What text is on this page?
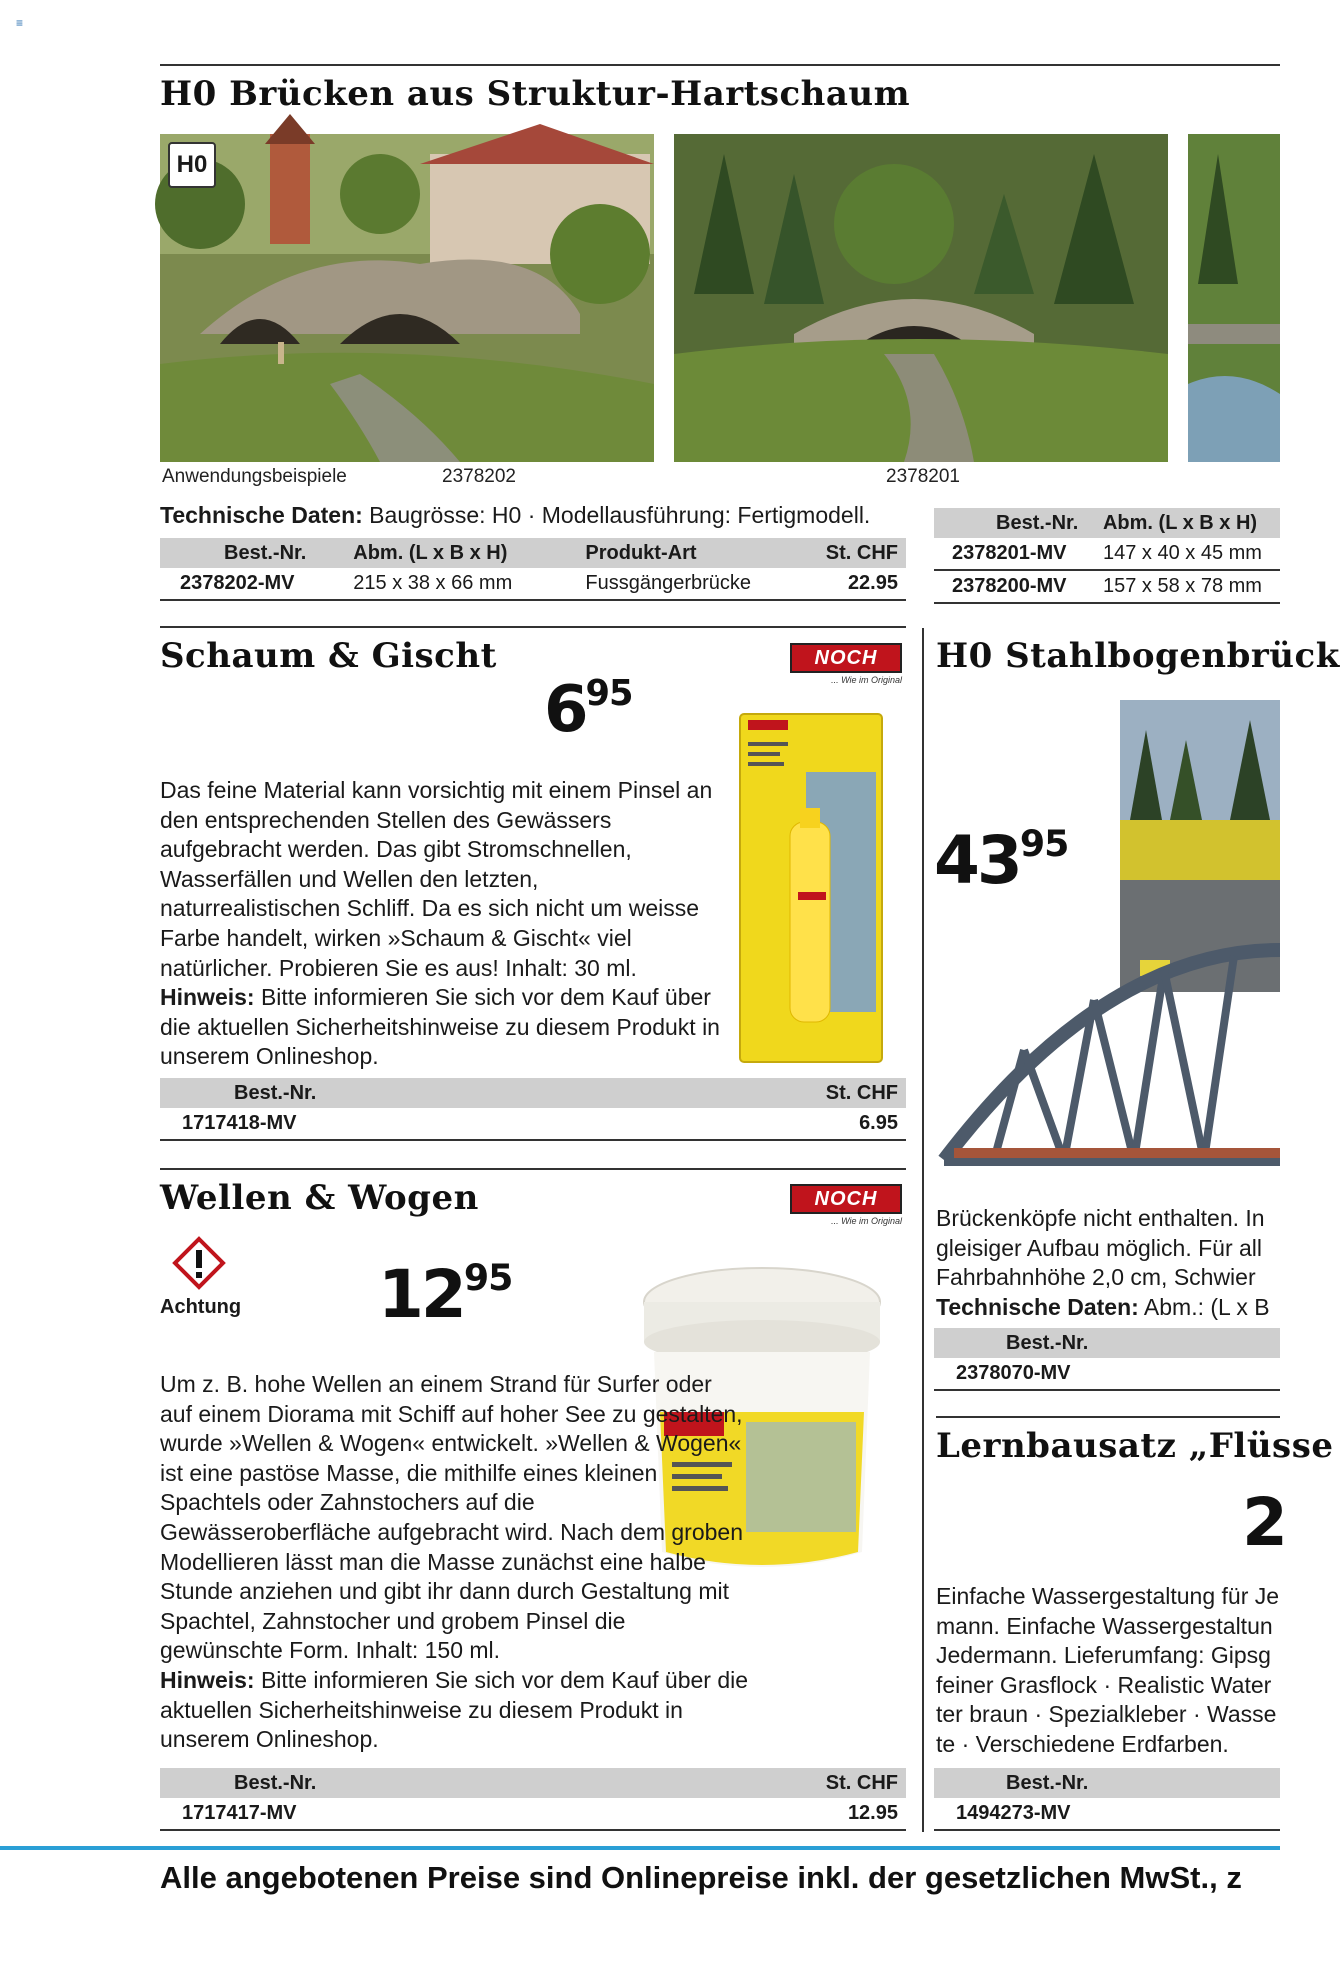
≡
H0 Brücken aus Struktur-Hartschaum
H0
Anwendungsbeispiele	2378202	2378201
Technische Daten: Baugrösse: H0 · Modellausführung: Fertigmodell.
Best.-Nr.	Abm. (L x B x H)	Produkt-Art	St. CHF
2378202-MV	215 x 38 x 66 mm	Fussgängerbrücke	22.95
Best.-Nr.	Abm. (L x B x H)
2378201-MV	147 x 40 x 45 mm
2378200-MV	157 x 58 x 78 mm
Schaum & Gischt	NOCH
... Wie im Original
$6^{95}$
Das feine Material kann vorsichtig mit einem Pinsel an den entsprechenden Stellen des Gewässers aufgebracht werden. Das gibt Stromschnellen, Wasserfällen und Wellen den letzten, naturrealistischen Schliff. Da es sich nicht um weisse Farbe handelt, wirken »Schaum & Gischt« viel natürlicher. Probieren Sie es aus! Inhalt: 30 ml.
Hinweis: Bitte informieren Sie sich vor dem Kauf über die aktuellen Sicherheitshinweise zu diesem Produkt in unserem Onlineshop.
Best.-Nr.	St. CHF
1717418-MV	6.95
Wellen & Wogen	NOCH
... Wie im Original
Achtung $12^{95}$
Um z. B. hohe Wellen an einem Strand für Surfer oder auf einem Diorama mit Schiff auf hoher See zu gestalten, wurde »Wellen & Wogen« entwickelt. »Wellen & Wogen« ist eine pastöse Masse, die mithilfe eines kleinen Spachtels oder Zahnstochers auf die Gewässeroberfläche aufgebracht wird. Nach dem groben Modellieren lässt man die Masse zunächst eine halbe Stunde anziehen und gibt ihr dann durch Gestaltung mit Spachtel, Zahnstocher und grobem Pinsel die gewünschte Form. Inhalt: 150 ml.
Hinweis: Bitte informieren Sie sich vor dem Kauf über die aktuellen Sicherheitshinweise zu diesem Produkt in unserem Onlineshop.
Best.-Nr.	St. CHF
1717417-MV	12.95
H0 Stahlbogenbrück
$43^{95}$
Brückenköpfe nicht enthalten. In
gleisiger Aufbau möglich. Für all
Fahrbahnhöhe 2,0 cm, Schwier
Technische Daten: Abm.: (L x B
Best.-Nr.
2378070-MV
Lernbausatz „Flüsse
2
Einfache Wassergestaltung für Je
mann. Einfache Wassergestaltun
Jedermann. Lieferumfang: Gipsg
feiner Grasflock · Realistic Water
ter braun · Spezialkleber · Wasse
te · Verschiedene Erdfarben.
Best.-Nr.
1494273-MV
Alle angebotenen Preise sind Onlinepreise inkl. der gesetzlichen MwSt., z
